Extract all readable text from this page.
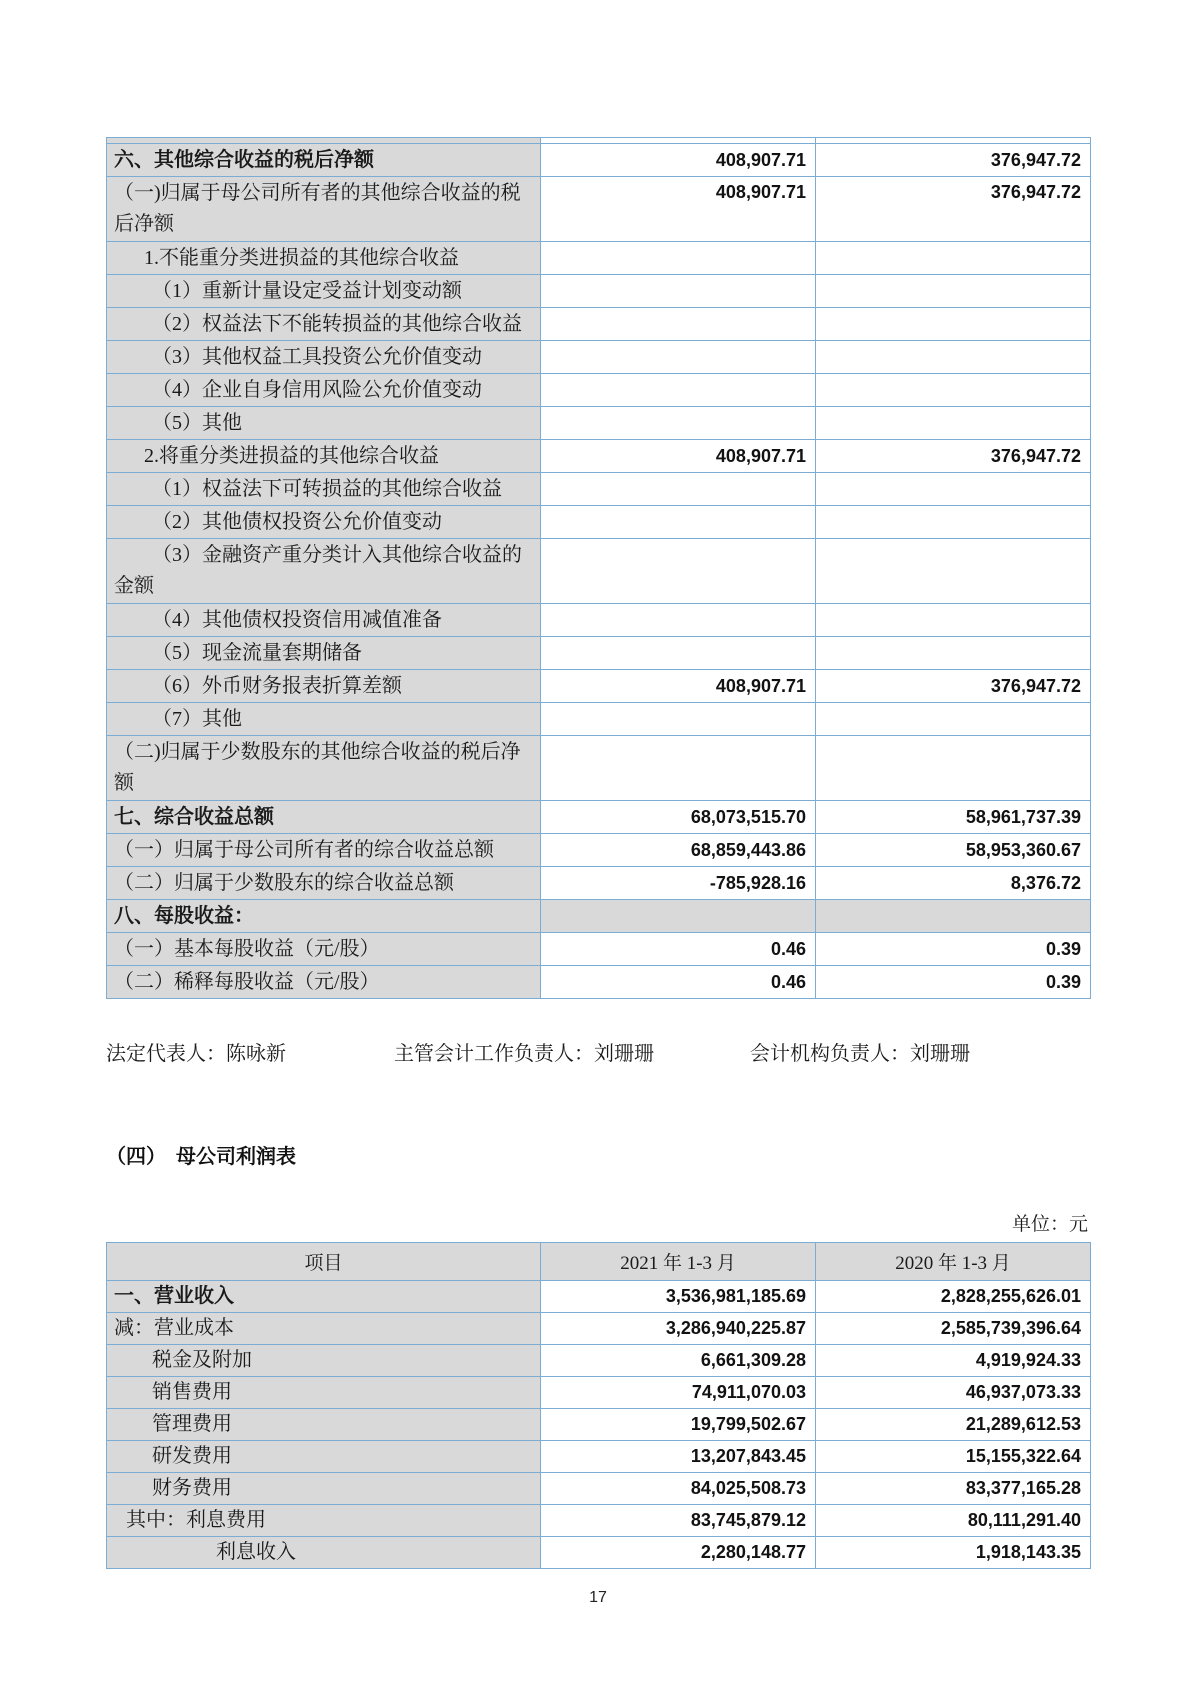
六、其他综合收益的税后净额	408,907.71	376,947.72
（一)归属于母公司所有者的其他综合收益的税后净额	408,907.71	376,947.72
1.不能重分类进损益的其他综合收益		
（1）重新计量设定受益计划变动额		
（2）权益法下不能转损益的其他综合收益		
（3）其他权益工具投资公允价值变动		
（4）企业自身信用风险公允价值变动		
（5）其他		
2.将重分类进损益的其他综合收益	408,907.71	376,947.72
（1）权益法下可转损益的其他综合收益		
（2）其他债权投资公允价值变动		
（3）金融资产重分类计入其他综合收益的金额		
（4）其他债权投资信用减值准备		
（5）现金流量套期储备		
（6）外币财务报表折算差额	408,907.71	376,947.72
（7）其他		
（二)归属于少数股东的其他综合收益的税后净额		
七、综合收益总额	68,073,515.70	58,961,737.39
（一）归属于母公司所有者的综合收益总额	68,859,443.86	58,953,360.67
（二）归属于少数股东的综合收益总额	-785,928.16	8,376.72
八、每股收益：		
（一）基本每股收益（元/股）	0.46	0.39
（二）稀释每股收益（元/股）	0.46	0.39
法定代表人：陈咏新	主管会计工作负责人：刘珊珊	会计机构负责人：刘珊珊
（四）　母公司利润表
单位：元
项目	2021 年 1-3 月	2020 年 1-3 月
一、营业收入	3,536,981,185.69	2,828,255,626.01
减：营业成本	3,286,940,225.87	2,585,739,396.64
税金及附加	6,661,309.28	4,919,924.33
销售费用	74,911,070.03	46,937,073.33
管理费用	19,799,502.67	21,289,612.53
研发费用	13,207,843.45	15,155,322.64
财务费用	84,025,508.73	83,377,165.28
其中：利息费用	83,745,879.12	80,111,291.40
利息收入	2,280,148.77	1,918,143.35
17
